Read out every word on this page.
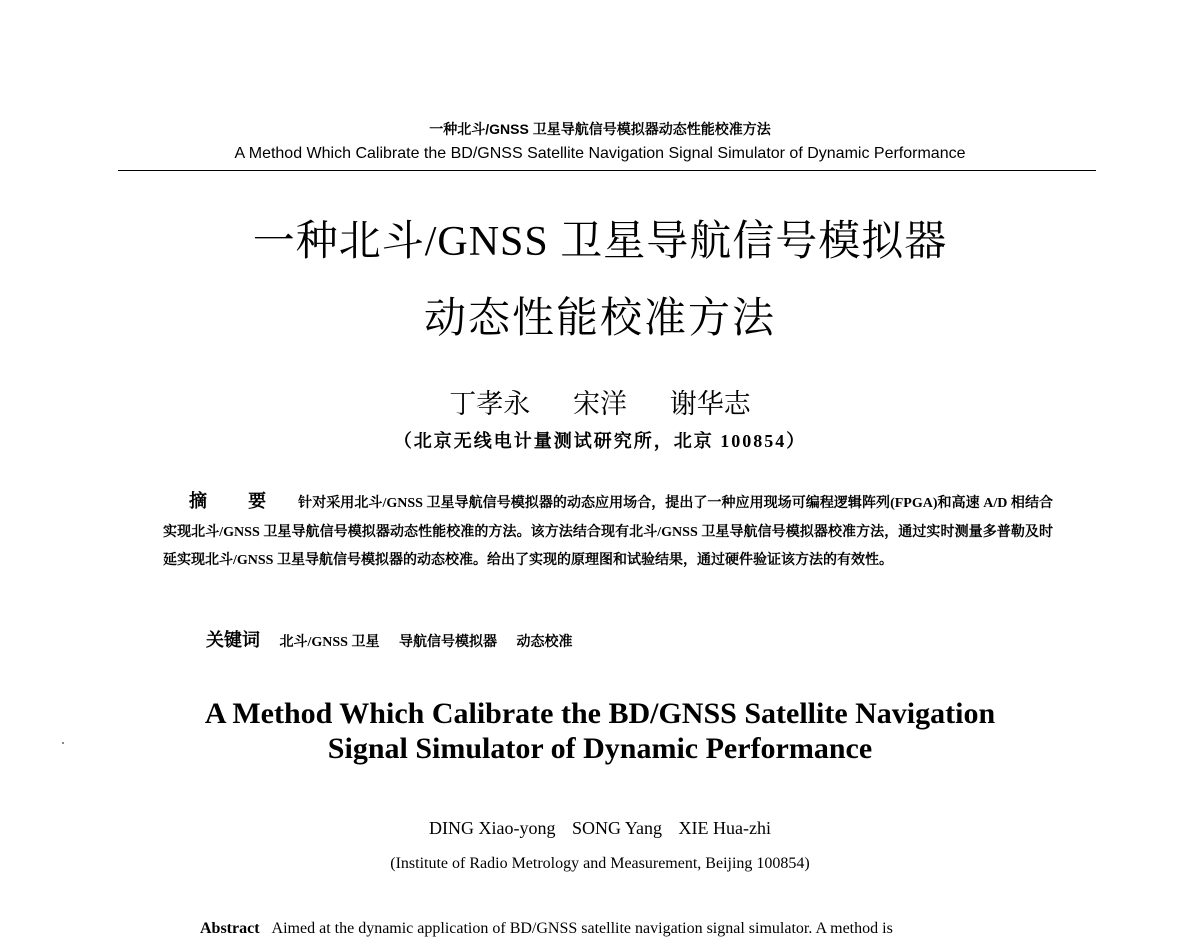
一种北斗/GNSS 卫星导航信号模拟器动态性能校准方法
A Method Which Calibrate the BD/GNSS Satellite Navigation Signal Simulator of Dynamic Performance
一种北斗/GNSS 卫星导航信号模拟器
动态性能校准方法
丁孝永 宋洋 谢华志
（北京无线电计量测试研究所，北京 100854）
摘 要 针对采用北斗/GNSS 卫星导航信号模拟器的动态应用场合，提出了一种应用现场可编程逻辑阵列(FPGA)和高速 A/D 相结合实现北斗/GNSS 卫星导航信号模拟器动态性能校准的方法。该方法结合现有北斗/GNSS 卫星导航信号模拟器校准方法，通过实时测量多普勒及时延实现北斗/GNSS 卫星导航信号模拟器的动态校准。给出了实现的原理图和试验结果，通过硬件验证该方法的有效性。
关键词 北斗/GNSS 卫星 导航信号模拟器 动态校准
A Method Which Calibrate the BD/GNSS Satellite Navigation
Signal Simulator of Dynamic Performance
DING Xiao-yong SONG Yang XIE Hua-zhi
(Institute of Radio Metrology and Measurement, Beijing 100854)
Abstract Aimed at the dynamic application of BD/GNSS satellite navigation signal simulator. A method is
